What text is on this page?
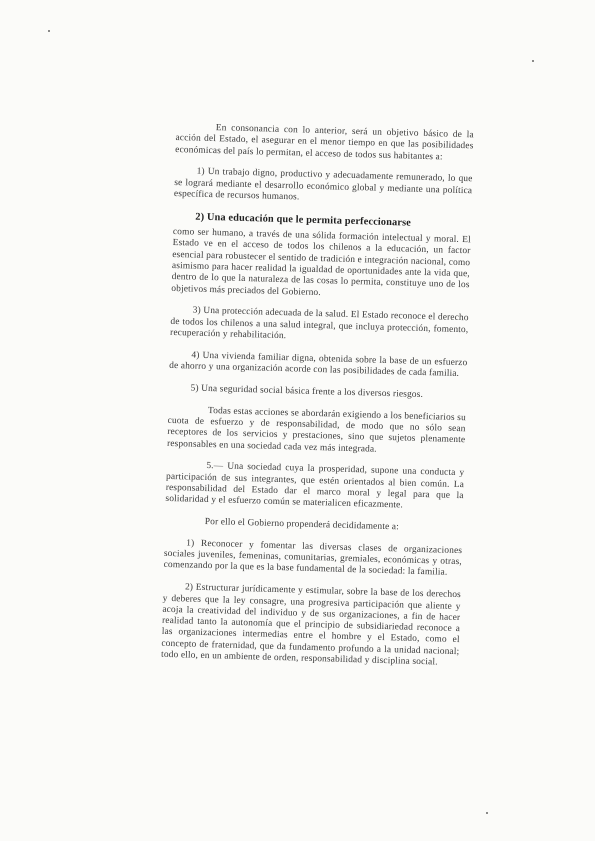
En consonancia con lo anterior, será un objetivo básico de la acción del Estado, el asegurar en el menor tiempo en que las posibilidades económicas del país lo permitan, el acceso de todos sus habitantes a:

1) Un trabajo digno, productivo y adecuadamente remunerado, lo que se logrará mediante el desarrollo económico global y mediante una política específica de recursos humanos.

2) Una educación que le permita perfeccionarse

como ser humano, a través de una sólida formación intelectual y moral. El Estado ve en el acceso de todos los chilenos a la educación, un factor esencial para robustecer el sentido de tradición e integración nacional, como asimismo para hacer realidad la igualdad de oportunidades ante la vida que, dentro de lo que la naturaleza de las cosas lo permita, constituye uno de los objetivos más preciados del Gobierno.

3) Una protección adecuada de la salud. El Estado reconoce el derecho de todos los chilenos a una salud integral, que incluya protección, fomento, recuperación y rehabilitación.

4) Una vivienda familiar digna, obtenida sobre la base de un esfuerzo de ahorro y una organización acorde con las posibilidades de cada familia.

5) Una seguridad social básica frente a los diversos riesgos.

Todas estas acciones se abordarán exigiendo a los beneficiarios su cuota de esfuerzo y de responsabilidad, de modo que no sólo sean receptores de los servicios y prestaciones, sino que sujetos plenamente responsables en una sociedad cada vez más integrada.

5.— Una sociedad cuya la prosperidad, supone una conducta y participación de sus integrantes, que estén orientados al bien común. La responsabilidad del Estado dar el marco moral y legal para que la solidaridad y el esfuerzo común se materialicen eficazmente.

Por ello el Gobierno propenderá decididamente a:

1) Reconocer y fomentar las diversas clases de organizaciones sociales juveniles, femeninas, comunitarias, gremiales, económicas y otras, comenzando por la que es la base fundamental de la sociedad: la familia.

2) Estructurar jurídicamente y estimular, sobre la base de los derechos y deberes que la ley consagre, una progresiva participación que aliente y acoja la creatividad del individuo y de sus organizaciones, a fin de hacer realidad tanto la autonomía que el principio de subsidiariedad reconoce a las organizaciones intermedias entre el hombre y el Estado, como el concepto de fraternidad, que da fundamento profundo a la unidad nacional; todo ello, en un ambiente de orden, responsabilidad y disciplina social.
